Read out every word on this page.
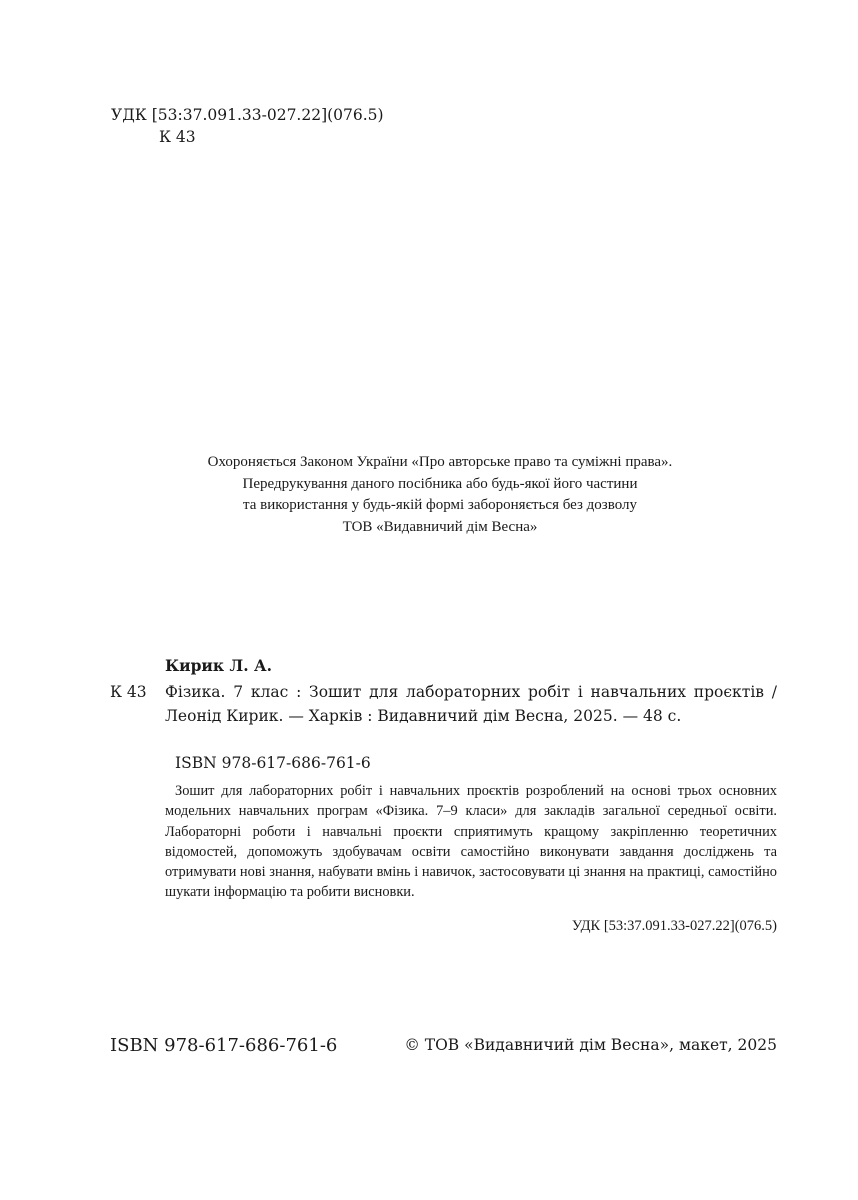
УДК [53:37.091.33-027.22](076.5)
К 43
Охороняється Законом України «Про авторське право та суміжні права».
Передрукування даного посібника або будь-якої його частини
та використання у будь-якій формі забороняється без дозволу
ТОВ «Видавничий дім Весна»
Кирик Л. А.
К 43 Фізика. 7 клас : Зошит для лабораторних робіт і навчальних проєктів / Леонід Кирик. — Харків : Видавничий дім Весна, 2025. — 48 с.
ISBN 978-617-686-761-6
Зошит для лабораторних робіт і навчальних проєктів розроблений на основі трьох основних модельних навчальних програм «Фізика. 7–9 класи» для закладів загальної середньої освіти. Лабораторні роботи і навчальні проєкти сприятимуть кращому закріпленню теоретичних відомостей, допоможуть здобувачам освіти самостійно виконувати завдання досліджень та отримувати нові знання, набувати вмінь і навичок, застосовувати ці знання на практиці, самостійно шукати інформацію та робити висновки.
УДК [53:37.091.33-027.22](076.5)
ISBN 978-617-686-761-6	© ТОВ «Видавничий дім Весна», макет, 2025
